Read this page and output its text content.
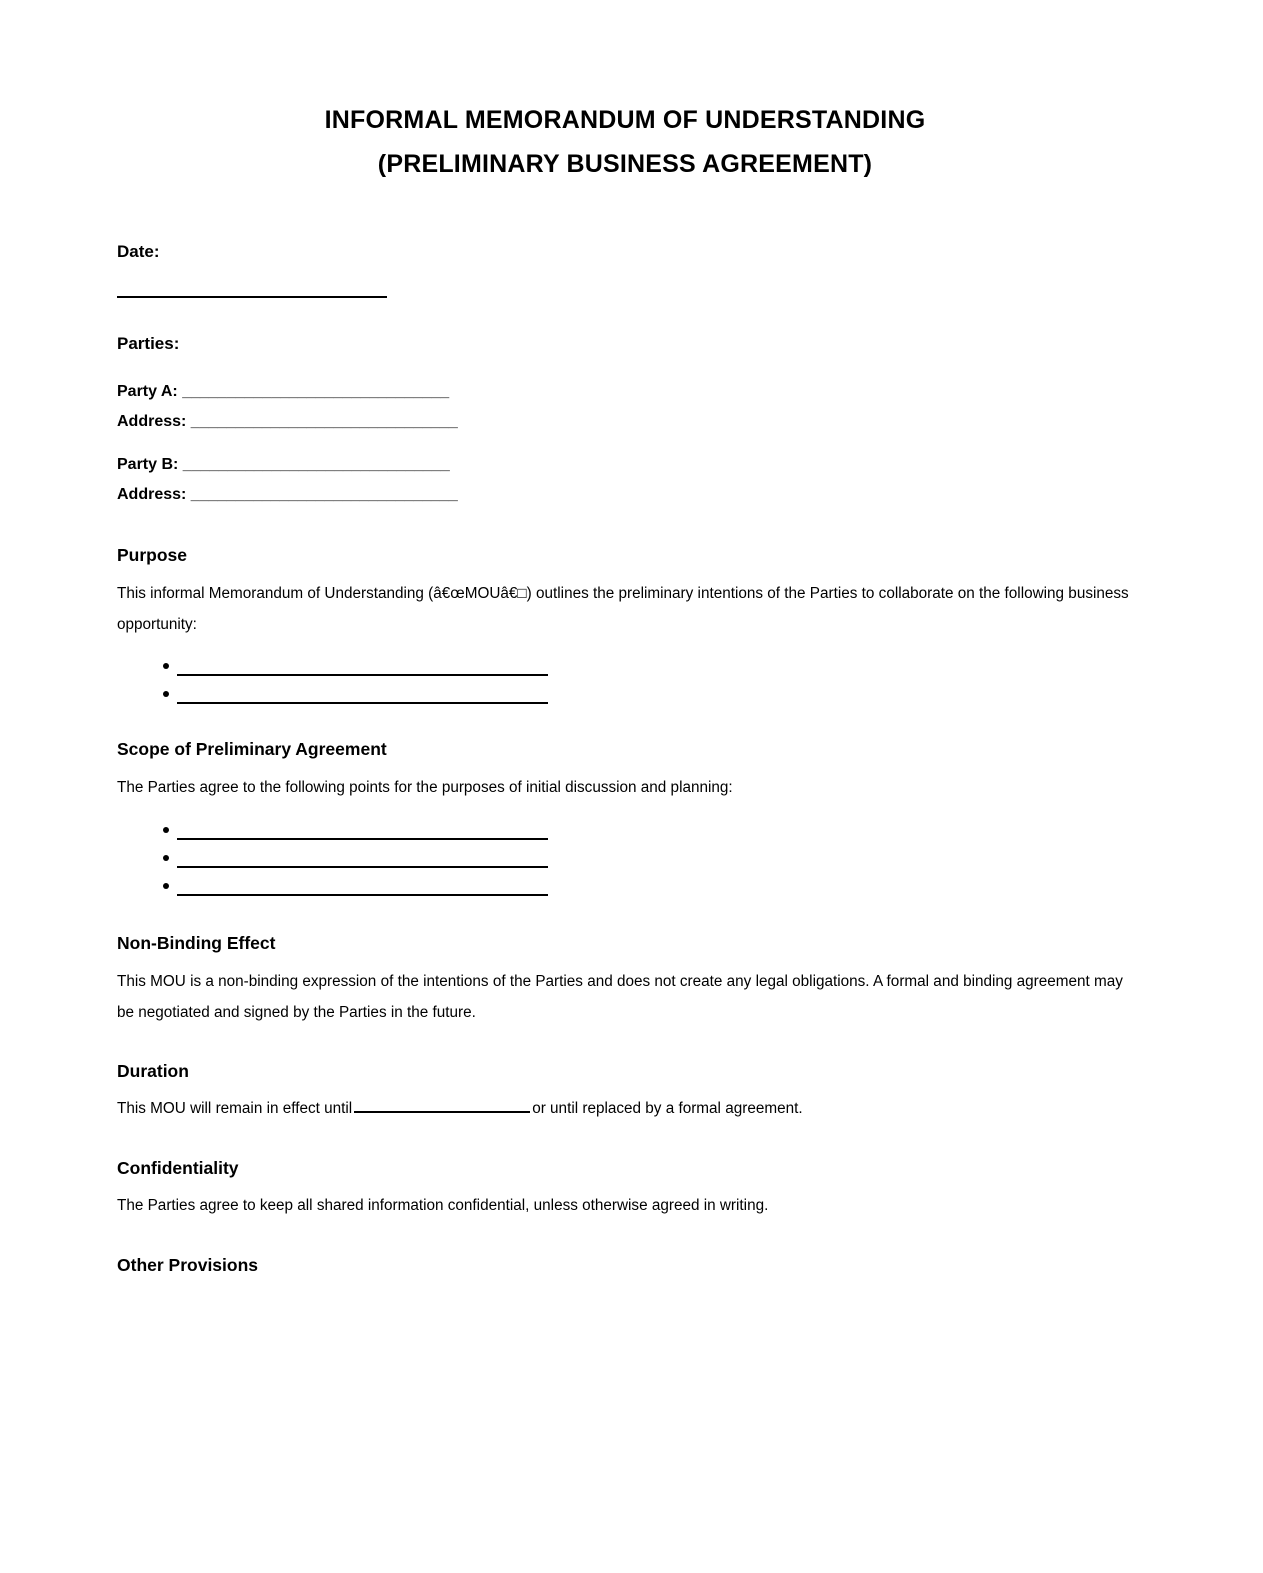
INFORMAL MEMORANDUM OF UNDERSTANDING
(PRELIMINARY BUSINESS AGREEMENT)
Date:
Parties:
Party A: ______________________________
Address: ______________________________
Party B: ______________________________
Address: ______________________________
Purpose
This informal Memorandum of Understanding (â€œMOUâ€□) outlines the preliminary intentions of the Parties to collaborate on the following business opportunity:
Scope of Preliminary Agreement
The Parties agree to the following points for the purposes of initial discussion and planning:
Non-Binding Effect
This MOU is a non-binding expression of the intentions of the Parties and does not create any legal obligations. A formal and binding agreement may be negotiated and signed by the Parties in the future.
Duration
This MOU will remain in effect until	or until replaced by a formal agreement.
Confidentiality
The Parties agree to keep all shared information confidential, unless otherwise agreed in writing.
Other Provisions
